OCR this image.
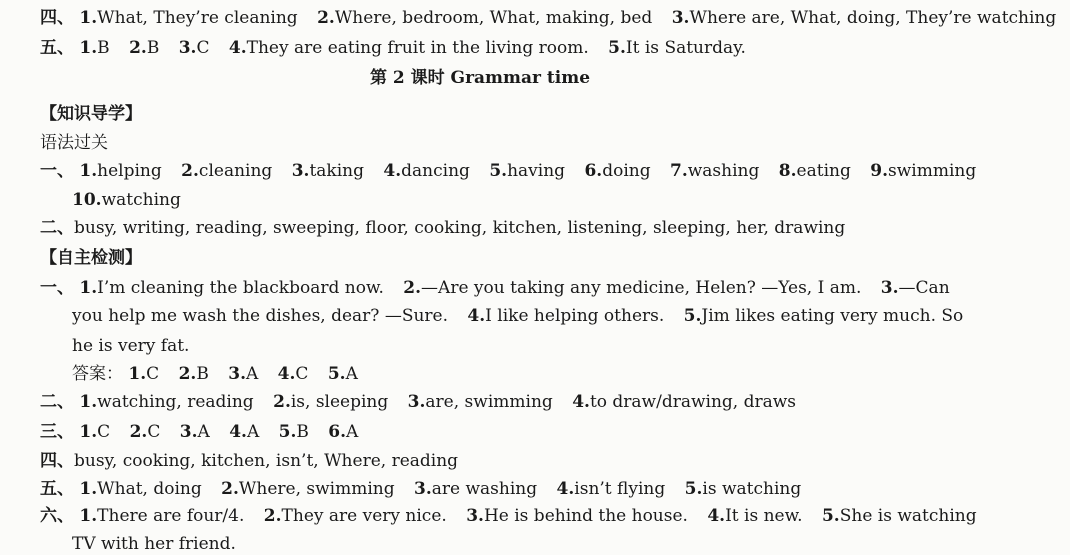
四、 1.What, They’re cleaning 2.Where, bedroom, What, making, bed 3.Where are, What, doing, They’re watching
五、 1.B 2.B 3.C 4.They are eating fruit in the living room. 5.It is Saturday.
第 2 课时 Grammar time
【知识导学】
语法过关
一、 1.helping 2.cleaning 3.taking 4.dancing 5.having 6.doing 7.washing 8.eating 9.swimming
10.watching
二、busy, writing, reading, sweeping, floor, cooking, kitchen, listening, sleeping, her, drawing
【自主检测】
一、 1.I’m cleaning the blackboard now. 2.—Are you taking any medicine, Helen? —Yes, I am. 3.—Can
you help me wash the dishes, dear? —Sure. 4.I like helping others. 5.Jim likes eating very much. So
he is very fat.
答案： 1.C 2.B 3.A 4.C 5.A
二、 1.watching, reading 2.is, sleeping 3.are, swimming 4.to draw/drawing, draws
三、 1.C 2.C 3.A 4.A 5.B 6.A
四、busy, cooking, kitchen, isn’t, Where, reading
五、 1.What, doing 2.Where, swimming 3.are washing 4.isn’t flying 5.is watching
六、 1.There are four/4. 2.They are very nice. 3.He is behind the house. 4.It is new. 5.She is watching
TV with her friend.
